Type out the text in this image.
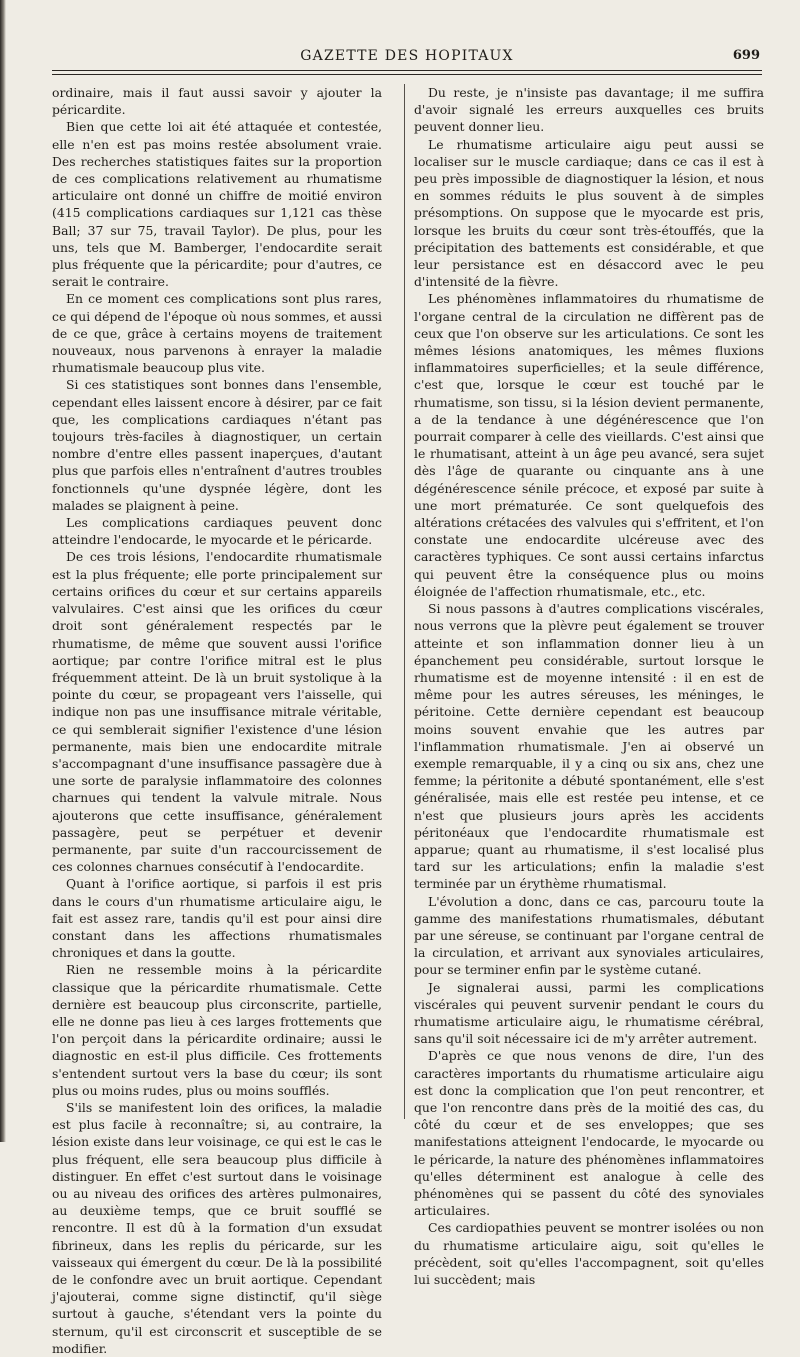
GAZETTE DES HOPITAUX	699

ordinaire, mais il faut aussi savoir y ajouter la péricardite.

Bien que cette loi ait été attaquée et contestée, elle n'en est pas moins restée absolument vraie. Des recherches statistiques faites sur la proportion de ces complications relativement au rhumatisme articulaire ont donné un chiffre de moitié environ (415 complications cardiaques sur 1,121 cas thèse Ball; 37 sur 75, travail Taylor). De plus, pour les uns, tels que M. Bamberger, l'endocardite serait plus fréquente que la péricardite; pour d'autres, ce serait le contraire.

En ce moment ces complications sont plus rares, ce qui dépend de l'époque où nous sommes, et aussi de ce que, grâce à certains moyens de traitement nouveaux, nous parvenons à enrayer la maladie rhumatismale beaucoup plus vite.

Si ces statistiques sont bonnes dans l'ensemble, cependant elles laissent encore à désirer, par ce fait que, les complications cardiaques n'étant pas toujours très-faciles à diagnostiquer, un certain nombre d'entre elles passent inaperçues, d'autant plus que parfois elles n'entraînent d'autres troubles fonctionnels qu'une dyspnée légère, dont les malades se plaignent à peine.

Les complications cardiaques peuvent donc atteindre l'endocarde, le myocarde et le péricarde.

De ces trois lésions, l'endocardite rhumatismale est la plus fréquente; elle porte principalement sur certains orifices du cœur et sur certains appareils valvulaires. C'est ainsi que les orifices du cœur droit sont généralement respectés par le rhumatisme, de même que souvent aussi l'orifice aortique; par contre l'orifice mitral est le plus fréquemment atteint. De là un bruit systolique à la pointe du cœur, se propageant vers l'aisselle, qui indique non pas une insuffisance mitrale véritable, ce qui semblerait signifier l'existence d'une lésion permanente, mais bien une endocardite mitrale s'accompagnant d'une insuffisance passagère due à une sorte de paralysie inflammatoire des colonnes charnues qui tendent la valvule mitrale. Nous ajouterons que cette insuffisance, généralement passagère, peut se perpétuer et devenir permanente, par suite d'un raccourcissement de ces colonnes charnues consécutif à l'endocardite.

Quant à l'orifice aortique, si parfois il est pris dans le cours d'un rhumatisme articulaire aigu, le fait est assez rare, tandis qu'il est pour ainsi dire constant dans les affections rhumatismales chroniques et dans la goutte.

Rien ne ressemble moins à la péricardite classique que la péricardite rhumatismale. Cette dernière est beaucoup plus circonscrite, partielle, elle ne donne pas lieu à ces larges frottements que l'on perçoit dans la péricardite ordinaire; aussi le diagnostic en est-il plus difficile. Ces frottements s'entendent surtout vers la base du cœur; ils sont plus ou moins rudes, plus ou moins soufflés.

S'ils se manifestent loin des orifices, la maladie est plus facile à reconnaître; si, au contraire, la lésion existe dans leur voisinage, ce qui est le cas le plus fréquent, elle sera beaucoup plus difficile à distinguer. En effet c'est surtout dans le voisinage ou au niveau des orifices des artères pulmonaires, au deuxième temps, que ce bruit soufflé se rencontre. Il est dû à la formation d'un exsudat fibrineux, dans les replis du péricarde, sur les vaisseaux qui émergent du cœur. De là la possibilité de le confondre avec un bruit aortique. Cependant j'ajouterai, comme signe distinctif, qu'il siège surtout à gauche, s'étendant vers la pointe du sternum, qu'il est circonscrit et susceptible de se modifier.

Du reste, je n'insiste pas davantage; il me suffira d'avoir signalé les erreurs auxquelles ces bruits peuvent donner lieu.

Le rhumatisme articulaire aigu peut aussi se localiser sur le muscle cardiaque; dans ce cas il est à peu près impossible de diagnostiquer la lésion, et nous en sommes réduits le plus souvent à de simples présomptions. On suppose que le myocarde est pris, lorsque les bruits du cœur sont très-étouffés, que la précipitation des battements est considérable, et que leur persistance est en désaccord avec le peu d'intensité de la fièvre.

Les phénomènes inflammatoires du rhumatisme de l'organe central de la circulation ne diffèrent pas de ceux que l'on observe sur les articulations. Ce sont les mêmes lésions anatomiques, les mêmes fluxions inflammatoires superficielles; et la seule différence, c'est que, lorsque le cœur est touché par le rhumatisme, son tissu, si la lésion devient permanente, a de la tendance à une dégénérescence que l'on pourrait comparer à celle des vieillards. C'est ainsi que le rhumatisant, atteint à un âge peu avancé, sera sujet dès l'âge de quarante ou cinquante ans à une dégénérescence sénile précoce, et exposé par suite à une mort prématurée. Ce sont quelquefois des altérations crétacées des valvules qui s'effritent, et l'on constate une endocardite ulcéreuse avec des caractères typhiques. Ce sont aussi certains infarctus qui peuvent être la conséquence plus ou moins éloignée de l'affection rhumatismale, etc., etc.

Si nous passons à d'autres complications viscérales, nous verrons que la plèvre peut également se trouver atteinte et son inflammation donner lieu à un épanchement peu considérable, surtout lorsque le rhumatisme est de moyenne intensité : il en est de même pour les autres séreuses, les méninges, le péritoine. Cette dernière cependant est beaucoup moins souvent envahie que les autres par l'inflammation rhumatismale. J'en ai observé un exemple remarquable, il y a cinq ou six ans, chez une femme; la péritonite a débuté spontanément, elle s'est généralisée, mais elle est restée peu intense, et ce n'est que plusieurs jours après les accidents péritonéaux que l'endocardite rhumatismale est apparue; quant au rhumatisme, il s'est localisé plus tard sur les articulations; enfin la maladie s'est terminée par un érythème rhumatismal.

L'évolution a donc, dans ce cas, parcouru toute la gamme des manifestations rhumatismales, débutant par une séreuse, se continuant par l'organe central de la circulation, et arrivant aux synoviales articulaires, pour se terminer enfin par le système cutané.

Je signalerai aussi, parmi les complications viscérales qui peuvent survenir pendant le cours du rhumatisme articulaire aigu, le rhumatisme cérébral, sans qu'il soit nécessaire ici de m'y arrêter autrement.

D'après ce que nous venons de dire, l'un des caractères importants du rhumatisme articulaire aigu est donc la complication que l'on peut rencontrer, et que l'on rencontre dans près de la moitié des cas, du côté du cœur et de ses enveloppes; que ses manifestations atteignent l'endocarde, le myocarde ou le péricarde, la nature des phénomènes inflammatoires qu'elles déterminent est analogue à celle des phénomènes qui se passent du côté des synoviales articulaires.

Ces cardiopathies peuvent se montrer isolées ou non du rhumatisme articulaire aigu, soit qu'elles le précèdent, soit qu'elles l'accompagnent, soit qu'elles lui succèdent; mais
